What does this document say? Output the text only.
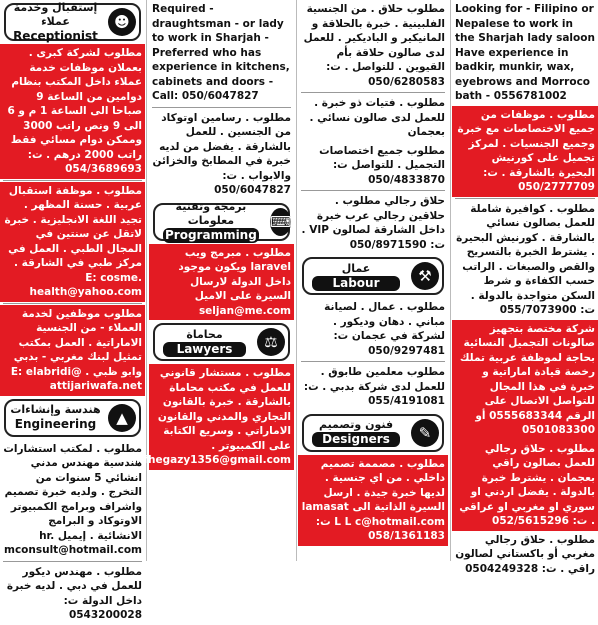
إستقبال وخدمة عملاء
Receptionist
☻
مطلوب لشركة كبرى . بعملان موظفات خدمة عملاء داخل المكتب بنظام دوامين من الساعة 9 صباحا الى الساعة 1 م و 6 الى 9 ونص راتب 3000 وممكن دوام مسائي فقط راتب 2000 درهم . ت: 054/3689693
مطلوب . موظفة استقبال عربية . حسنة المظهر . تجيد اللغة الانجليزية . خبرة لاتقل عن سنتين في المجال الطبي . العمل في مركز طبي في الشارقة . E: cosme. health@yahoo.com
مطلوب موظفين لخدمة العملاء - من الجنسية الاماراتية . العمل بمكتب تمثيل لبنك مغربي - بدبي وابو ظبي . E: elabridi@ attijariwafa.net
هندسة وإنشاءات
Engineering	▲
مطلوب . لمكتب استشارات هندسية مهندس مدني انشائي 5 سنوات من التخرج . ولديه خبرة تصميم واشراف وبرامج الكمبيوتر الاوتوكاد و البرامج الانشائية . إيميل hr. mconsult@hotmail.com
مطلوب . مهندس ديكور للعمل في دبي . لديه خبرة داخل الدولة ت: 0543200028
Required - draughtsman - or lady to work in Sharjah - Preferred who has experience in kitchens, cabinets and doors - Call: 050/6047827
مطلوب . رسامين اوتوكاد من الجنسين . للعمل بالشارقة . يفضل من لديه خبرة في المطابخ والخزائن والابواب . ت: 050/6047827
برمجة وتقنية معلومات
Programming
⌨
مطلوب . مبرمج ويب laravel ويكون موجود داخل الدولة لارسال السيرة على الاميل seljan@me.com
محاماة
Lawyers	⚖
مطلوب . مستشار قانوني للعمل في مكتب محاماة بالشارقة . خبرة بالقانون التجاري والمدني والقانون الاماراتي . وسريع الكتابة على الكمبيوتر . mfhegazy1356@gmail.com
مطلوب حلاق . من الجنسية الفلبينية . خبرة بالحلاقة و المانيكير و الباديكير . للعمل لدى صالون حلاقة بأم القيوين . للتواصل . ت: 050/6280583
مطلوب . فتيات ذو خبرة . للعمل لدى صالون نسائي . بعجمان
مطلوب جميع اختصاصات التجميل . للتواصل ت: 050/4833870
حلاق رجالي مطلوب . حلاقين رجالي عرب خبرة داخل الشارقة لصالون VIP . ت: 050/8971590
عمال
Labour	⚒
مطلوب . عمال . لصيانة مباني . دهان وديكور . لشركة في عجمان ت: 050/9297481
مطلوب معلمين طابوق . للعمل لدى شركة بدبي . ت: 055/4191081
فنون وتصميم
Designers	✎
مطلوب . مصممة تصميم داخلي . من اي جنسية . لديها خبرة جيدة . ارسل السيرة الذاتية الى lamasat L L c@hotmail.com ت: 058/1361183
Looking for - Filipino or Nepalese to work in the Sharjah lady saloon Have experience in badkir, munkir, wax, eyebrows and Morroco bath - 0556781002
مطلوب . موظفات من جميع الاختصاصات مع خبرة وجميع الجنسيات . لمركز تجميل على كورنيش البحيرة بالشارقة . ت: 050/2777709
مطلوب . كوافيرة شاملة للعمل بصالون نسائي بالشارقة . كورنيش البحيرة . يشترط الخبرة بالتسريح والقص والصبغات . الراتب حسب الكفاءة و شرط السكن متواجدة بالدولة . ت: 055/7073900
شركة مختصة بتجهيز صالونات التجميل النسائية بحاجة لموظفة عربية تملك رخصة قيادة اماراتية و خبرة في هذا المجال للتواصل الاتصال على الرقم 0555683344 أو 0501083300
مطلوب . حلاق رجالي للعمل بصالون راقي بعجمان . يشترط خبرة بالدولة . يفضل اردني او سوري او مغربي او عراقي . ت: 052/5615296
مطلوب . حلاق رجالي مغربي أو باكستاني لصالون راقي . ت: 0504249328
